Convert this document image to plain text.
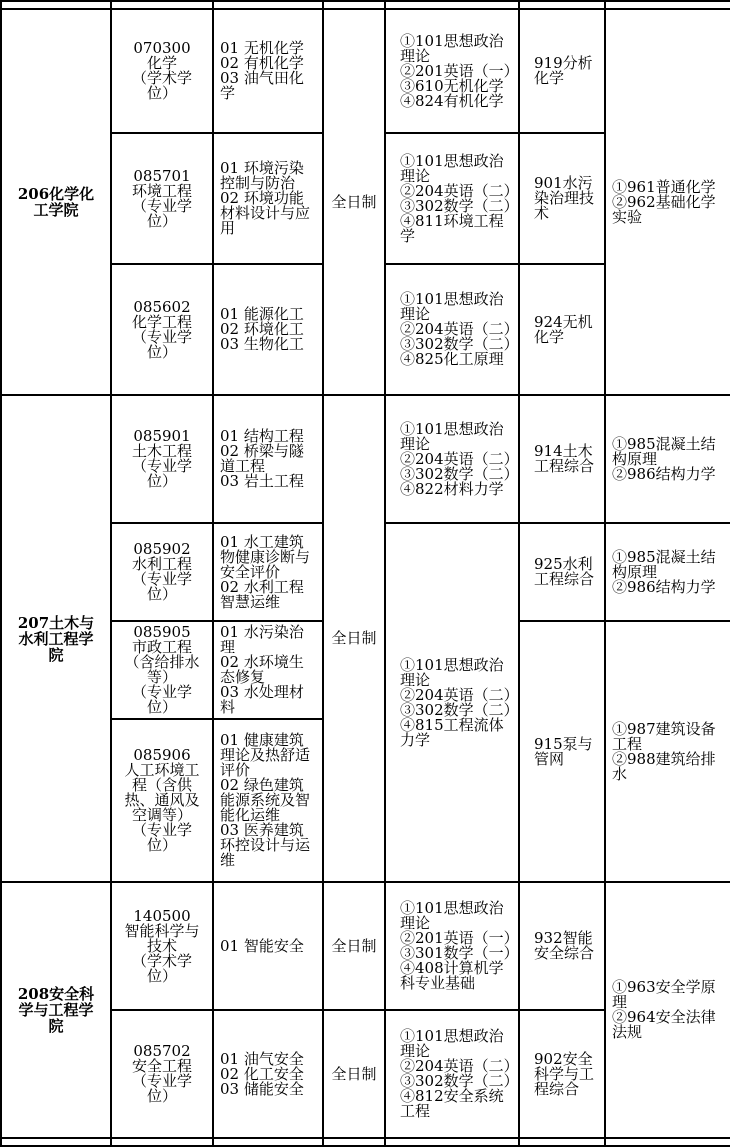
206化学化工学院	070300
化学
（学术学
位）	01 无机化学
02 有机化学
03 油气田化学	全日制	①101思想政治理论
②201英语（一）
③610无机化学
④824有机化学	919分析化学	①961普通化学
②962基础化学实验

	085701
环境工程
（专业学
位）	01 环境污染控制与防治
02 环境功能材料设计与应用		①101思想政治理论
②204英语（二）
③302数学（二）
④811环境工程学	901水污染治理技术	

	085602
化学工程
（专业学
位）	01 能源化工
02 环境化工
03 生物化工		①101思想政治理论
②204英语（二）
③302数学（二）
④825化工原理	924无机化学	
207土木与水利工程学院	085901
土木工程
（专业学
位）	01 结构工程
02 桥梁与隧道工程
03 岩土工程	全日制	①101思想政治理论
②204英语（二）
③302数学（二）
④822材料力学	914土木工程综合	①985混凝土结构原理
②986结构力学

	085902
水利工程
（专业学
位）	01 水工建筑物健康诊断与安全评价
02 水利工程智慧运维		①101思想政治理论
②204英语（二）
③302数学（二）
④815工程流体力学	925水利工程综合	①985混凝土结构原理
②986结构力学

	085905
市政工程
（含给排水等）
（专业学
位）	01 水污染治理
02 水环境生态修复
03 水处理材料			915泵与管网	①987建筑设备工程
②988建筑给排水

	085906
人工环境工程（含供热、通风及空调等）
（专业学
位）	01 健康建筑理论及热舒适评价
02 绿色建筑能源系统及智能化运维
03 医养建筑环控设计与运维				

208安全科学与工程学院	140500
智能科学与技术
（学术学
位）	01 智能安全	全日制	①101思想政治理论
②201英语（一）
③301数学（一）
④408计算机学科专业基础	932智能安全综合	①963安全学原理
②964安全法律法规

	085702
安全工程
（专业学
位）	01 油气安全
02 化工安全
03 储能安全	全日制	①101思想政治理论
②204英语（二）
③302数学（二）
④812安全系统工程	902安全科学与工程综合	
